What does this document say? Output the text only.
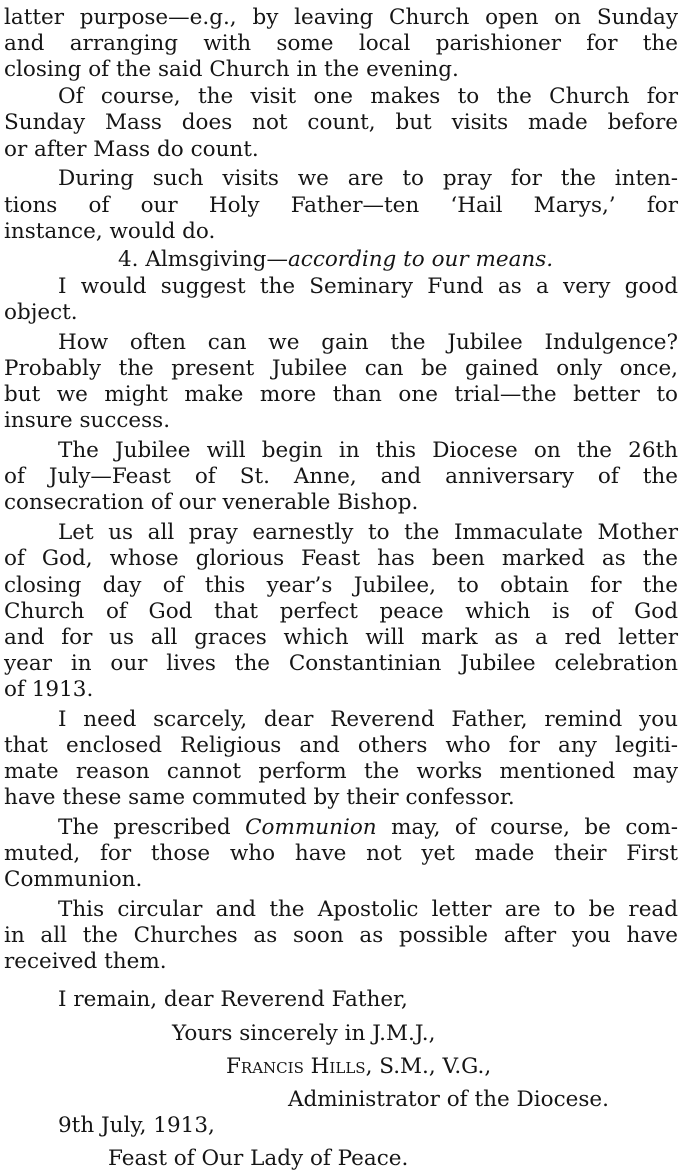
latter purpose—e.g., by leaving Church open on Sunday
and arranging with some local parishioner for the
closing of the said Church in the evening.
Of course, the visit one makes to the Church for
Sunday Mass does not count, but visits made before
or after Mass do count.
During such visits we are to pray for the inten-
tions of our Holy Father—ten ‘Hail Marys,’ for
instance, would do.
4. Almsgiving—according to our means.
I would suggest the Seminary Fund as a very good
object.
How often can we gain the Jubilee Indulgence?
Probably the present Jubilee can be gained only once,
but we might make more than one trial—the better to
insure success.
The Jubilee will begin in this Diocese on the 26th
of July—Feast of St. Anne, and anniversary of the
consecration of our venerable Bishop.
Let us all pray earnestly to the Immaculate Mother
of God, whose glorious Feast has been marked as the
closing day of this year’s Jubilee, to obtain for the
Church of God that perfect peace which is of God
and for us all graces which will mark as a red letter
year in our lives the Constantinian Jubilee celebration
of 1913.
I need scarcely, dear Reverend Father, remind you
that enclosed Religious and others who for any legiti-
mate reason cannot perform the works mentioned may
have these same commuted by their confessor.
The prescribed Communion may, of course, be com-
muted, for those who have not yet made their First
Communion.
This circular and the Apostolic letter are to be read
in all the Churches as soon as possible after you have
received them.
I remain, dear Reverend Father,
Yours sincerely in J.M.J.,
Francis Hills, S.M., V.G.,
Administrator of the Diocese.
9th July, 1913,
Feast of Our Lady of Peace.
